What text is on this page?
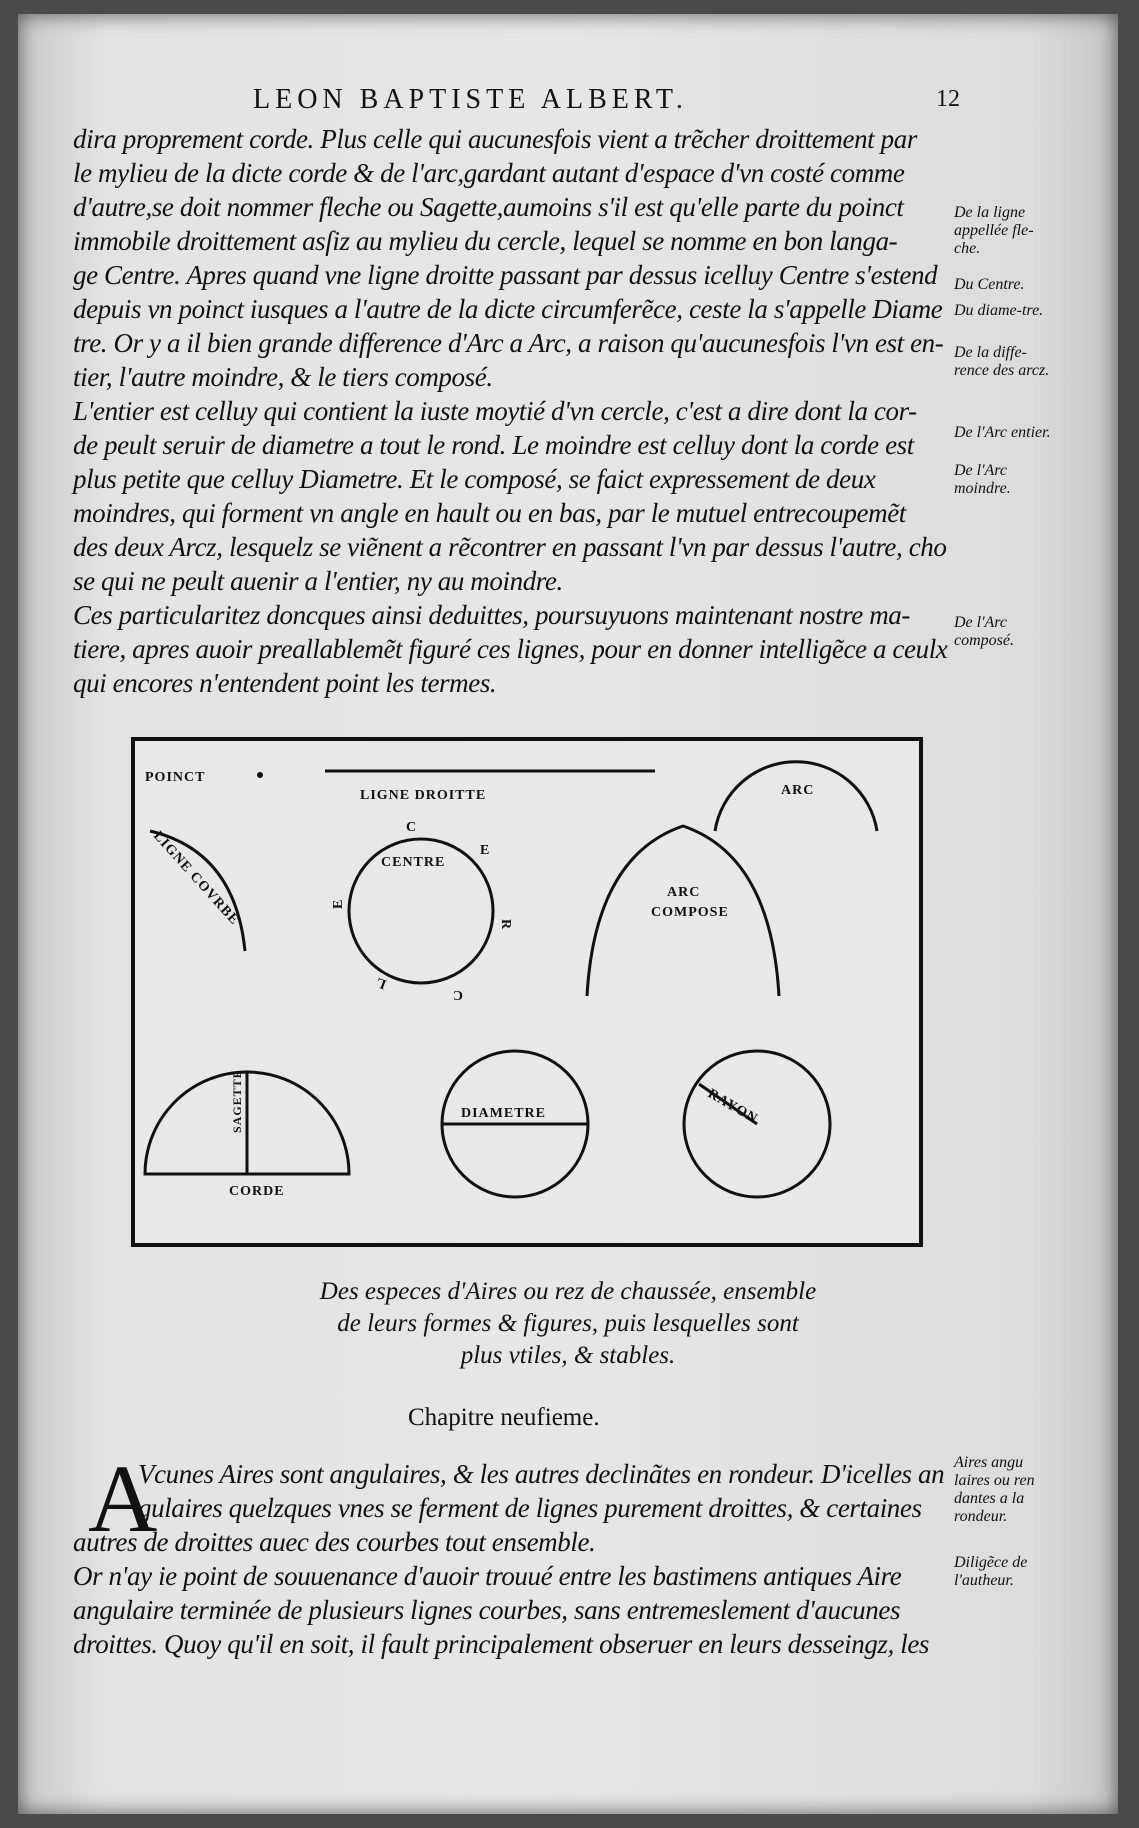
LEON BAPTISTE ALBERT.	12
dira proprement corde. Plus celle qui aucunesfois vient a trẽcher droittement par
le mylieu de la dicte corde & de l'arc,gardant autant d'espace d'vn costé comme
d'autre,se doit nommer fleche ou Sagette,aumoins s'il est qu'elle parte du poinct
immobile droittement asſiz au mylieu du cercle, lequel se nomme en bon langa-
ge Centre. Apres quand vne ligne droitte passant par dessus icelluy Centre s'estend
depuis vn poinct iusques a l'autre de la dicte circumferẽce, ceste la s'appelle Diame
tre. Or y a il bien grande difference d'Arc a Arc, a raison qu'aucunesfois l'vn est en-
tier, l'autre moindre, & le tiers composé.
L'entier est celluy qui contient la iuste moytié d'vn cercle, c'est a dire dont la cor-
de peult seruir de diametre a tout le rond. Le moindre est celluy dont la corde est
plus petite que celluy Diametre. Et le composé, se faict expressement de deux
moindres, qui forment vn angle en hault ou en bas, par le mutuel entrecoupemẽt
des deux Arcz, lesquelz se viẽnent a rẽcontrer en passant l'vn par dessus l'autre, cho
se qui ne peult auenir a l'entier, ny au moindre.
Ces particularitez doncques ainsi deduittes, poursuyuons maintenant nostre ma-
tiere, apres auoir preallablemẽt figuré ces lignes, pour en donner intelligẽce a ceulx
qui encores n'entendent point les termes.
De la ligne appellée fle-che.
Du Centre.
Du diame-tre.
De la diffe-rence des arcz.
De l'Arc entier.
De l'Arc moindre.
De l'Arc composé.
POINCT
LIGNE DROITTE	ARC
CENTRE
ARC
COMPOSE
CORDE
DIAMETRE	RAYON
SAGETTE
LIGNE COVRBE
C
E
R
C
L
E
Des especes d'Aires ou rez de chaussée, ensemble
de leurs formes & figures, puis lesquelles sont
plus vtiles, & stables.
Chapitre neufieme.
A
Vcunes Aires sont angulaires, & les autres declinãtes en rondeur. D'icelles an
gulaires quelzques vnes se ferment de lignes purement droittes, & certaines
autres de droittes auec des courbes tout ensemble.
Or n'ay ie point de souuenance d'auoir trouué entre les bastimens antiques Aire
angulaire terminée de plusieurs lignes courbes, sans entremeslement d'aucunes
droittes. Quoy qu'il en soit, il fault principalement obseruer en leurs desseingz, les
Aires angu laires ou ren dantes a la rondeur.
Diligẽce de l'autheur.
